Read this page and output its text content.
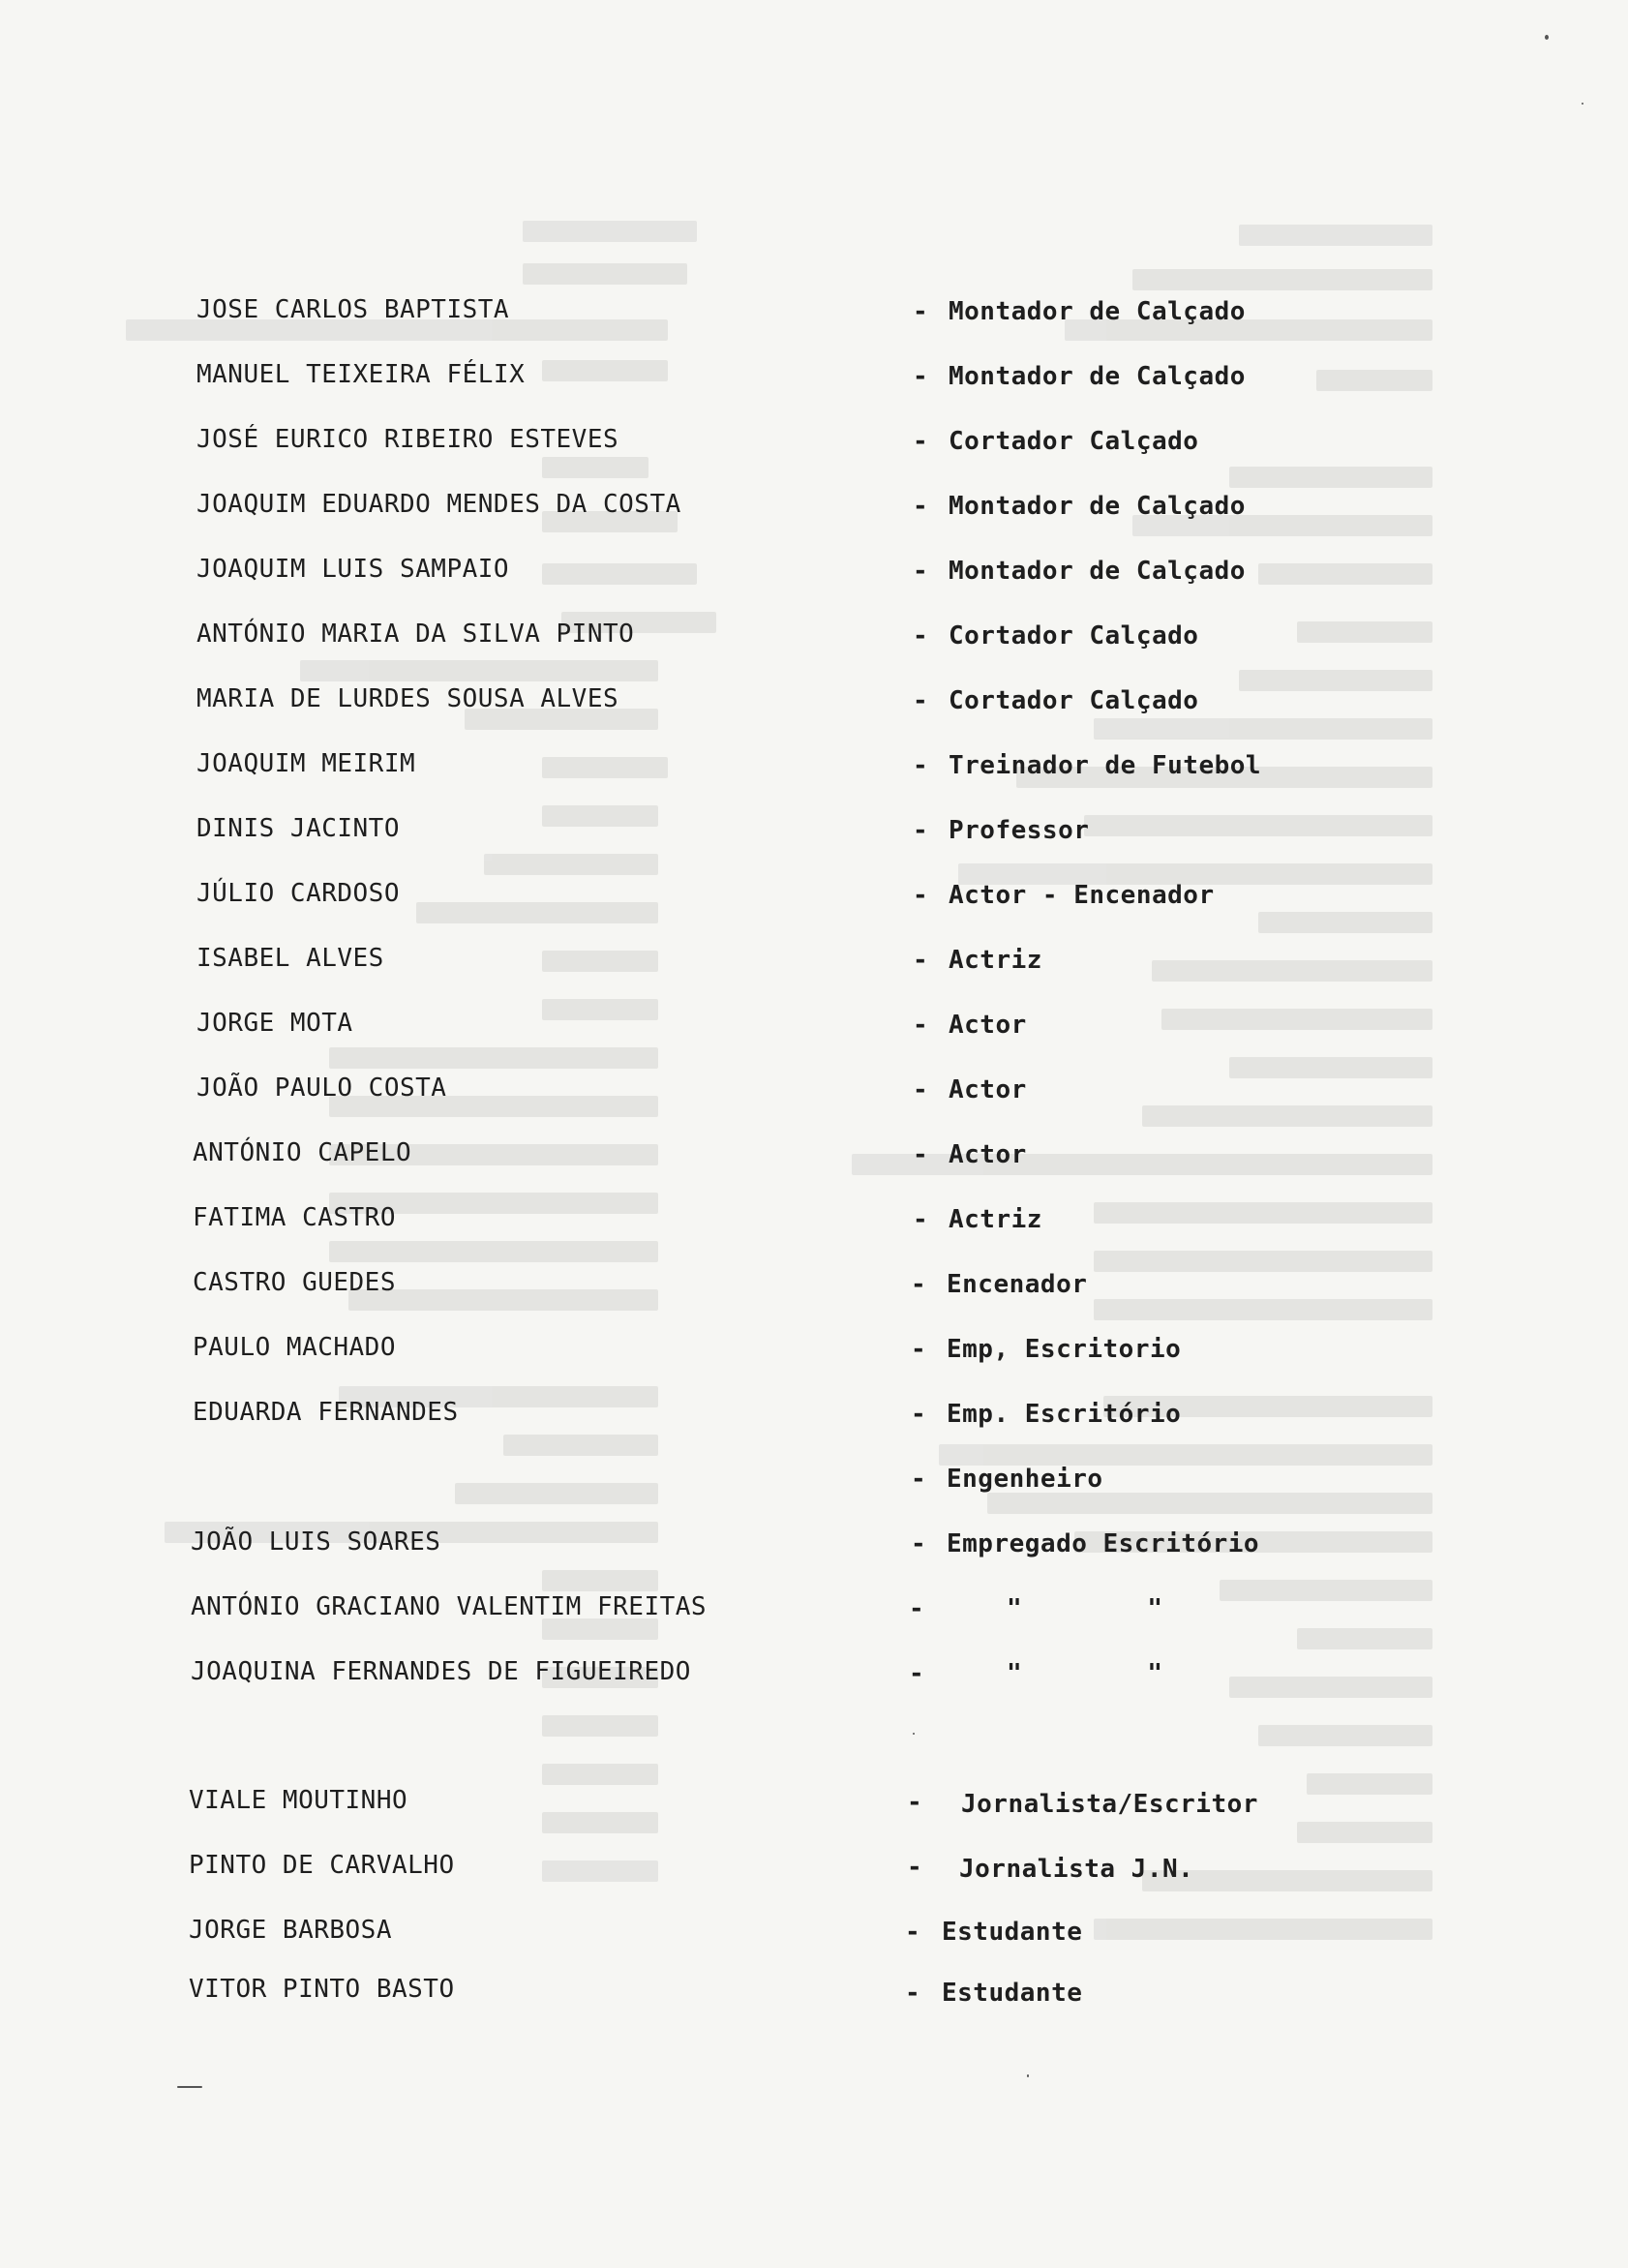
JOSE CARLOS BAPTISTA
MANUEL TEIXEIRA FÉLIX
JOSÉ EURICO RIBEIRO ESTEVES
JOAQUIM EDUARDO MENDES DA COSTA
JOAQUIM LUIS SAMPAIO
ANTÓNIO MARIA DA SILVA PINTO
MARIA DE LURDES SOUSA ALVES
JOAQUIM MEIRIM
DINIS JACINTO
JÚLIO CARDOSO
ISABEL ALVES
JORGE MOTA
JOÃO PAULO COSTA
ANTÓNIO CAPELO
FATIMA CASTRO
CASTRO GUEDES
PAULO MACHADO
EDUARDA FERNANDES
JOÃO LUIS SOARES
ANTÓNIO GRACIANO VALENTIM FREITAS
JOAQUINA FERNANDES DE FIGUEIREDO
VIALE MOUTINHO
PINTO DE CARVALHO
JORGE BARBOSA
VITOR PINTO BASTO
-
-
-
-
-
-
-
-
-
-
-
-
-
-
-
-
-
-
-
-
-
-
-
-
-
-
Montador de Calçado
Montador de Calçado
Cortador Calçado
Montador de Calçado
Montador de Calçado
Cortador Calçado
Cortador Calçado
Treinador de Futebol
Professor
Actor - Encenador
Actriz
Actor
Actor
Actor
Actriz
Encenador
Emp, Escritorio
Emp. Escritório
Engenheiro
Empregado Escritório
"        "
"        "
Jornalista/Escritor
Jornalista J.N.
Estudante
Estudante
